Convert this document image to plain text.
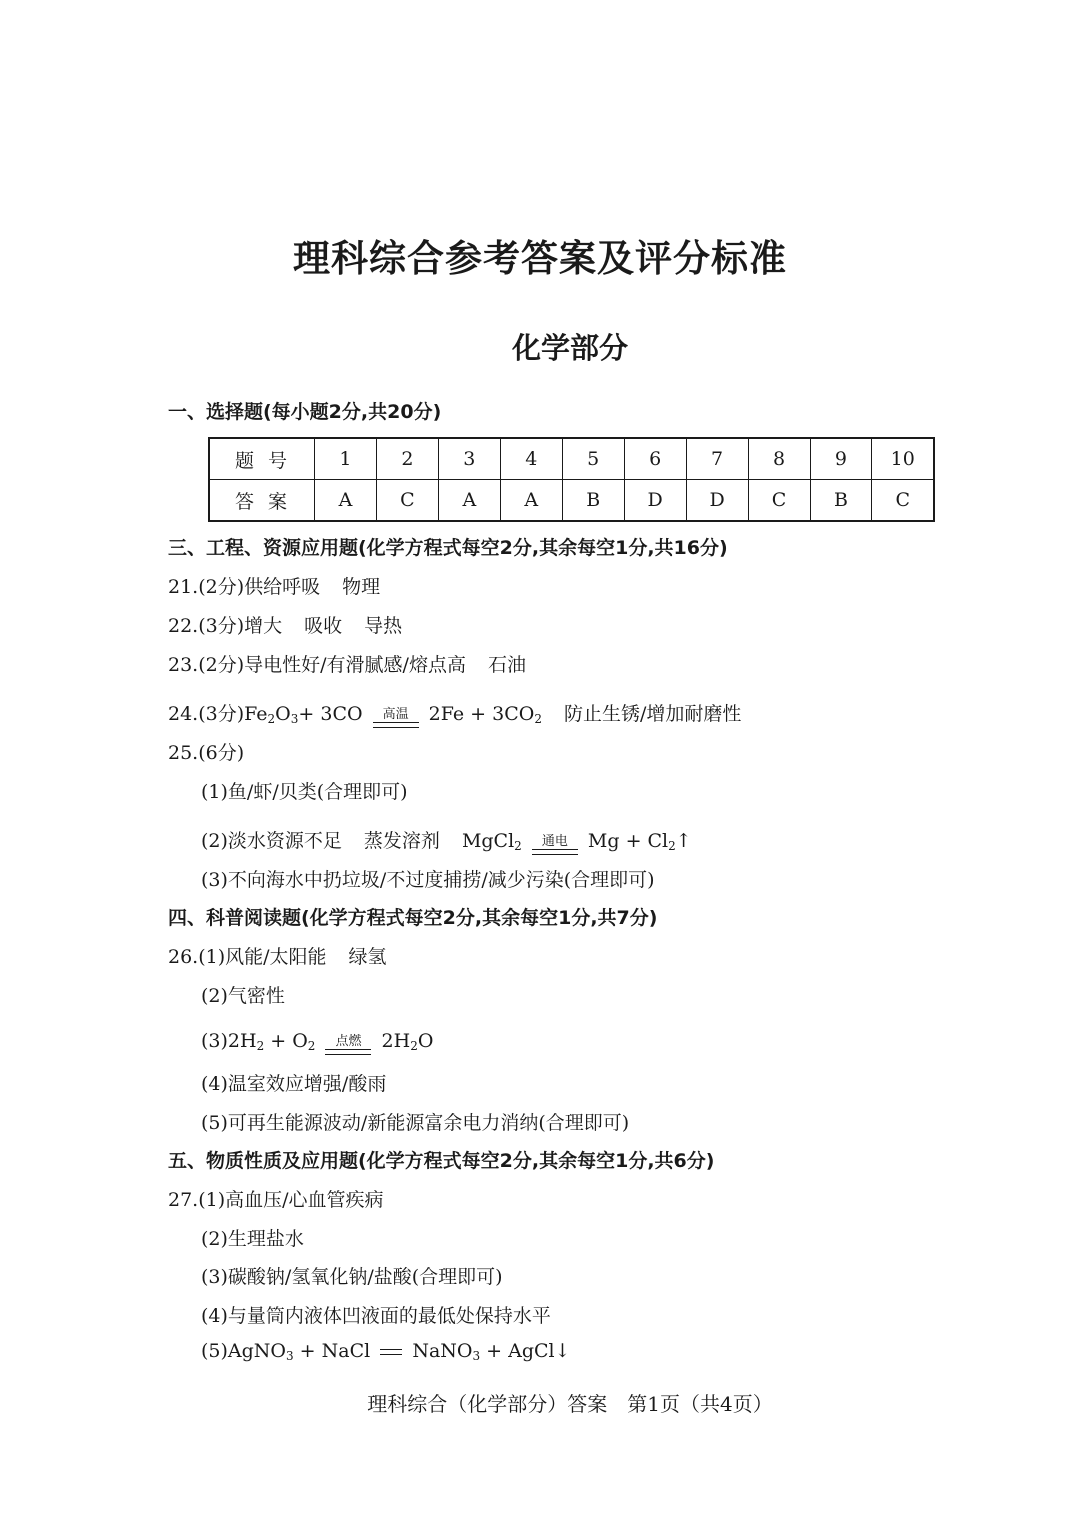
理科综合参考答案及评分标准
化学部分
一、选择题(每小题2分,共20分)
题号	1	2	3	4	5	6	7	8	9	10
答案	A	C	A	A	B	D	D	C	B	C
三、工程、资源应用题(化学方程式每空2分,其余每空1分,共16分)
21.(2分)供给呼吸 物理
22.(3分)增大 吸收 导热
23.(2分)导电性好/有滑腻感/熔点高 石油
24.(3分)$Fe_2O_3+ 3CO$ 高温 $2Fe + 3CO_2$ 防止生锈/增加耐磨性
25.(6分)
(1)鱼/虾/贝类(合理即可)
(2)淡水资源不足 蒸发溶剂 MgCl$_2$ 通电 $Mg + Cl_2↑$
(3)不向海水中扔垃圾/不过度捕捞/减少污染(合理即可)
四、科普阅读题(化学方程式每空2分,其余每空1分,共7分)
26.(1)风能/太阳能 绿氢
(2)气密性
$(3)2H_2 + O_2$ 点燃 $2H_2O$
(4)温室效应增强/酸雨
(5)可再生能源波动/新能源富余电力消纳(合理即可)
五、物质性质及应用题(化学方程式每空2分,其余每空1分,共6分)
27.(1)高血压/心血管疾病
(2)生理盐水
(3)碳酸钠/氢氧化钠/盐酸(合理即可)
(4)与量筒内液体凹液面的最低处保持水平
(5)AgNO$_3$ + NaCl NaNO$_3$ + AgCl↓
理科综合（化学部分）答案　第1页（共4页）
